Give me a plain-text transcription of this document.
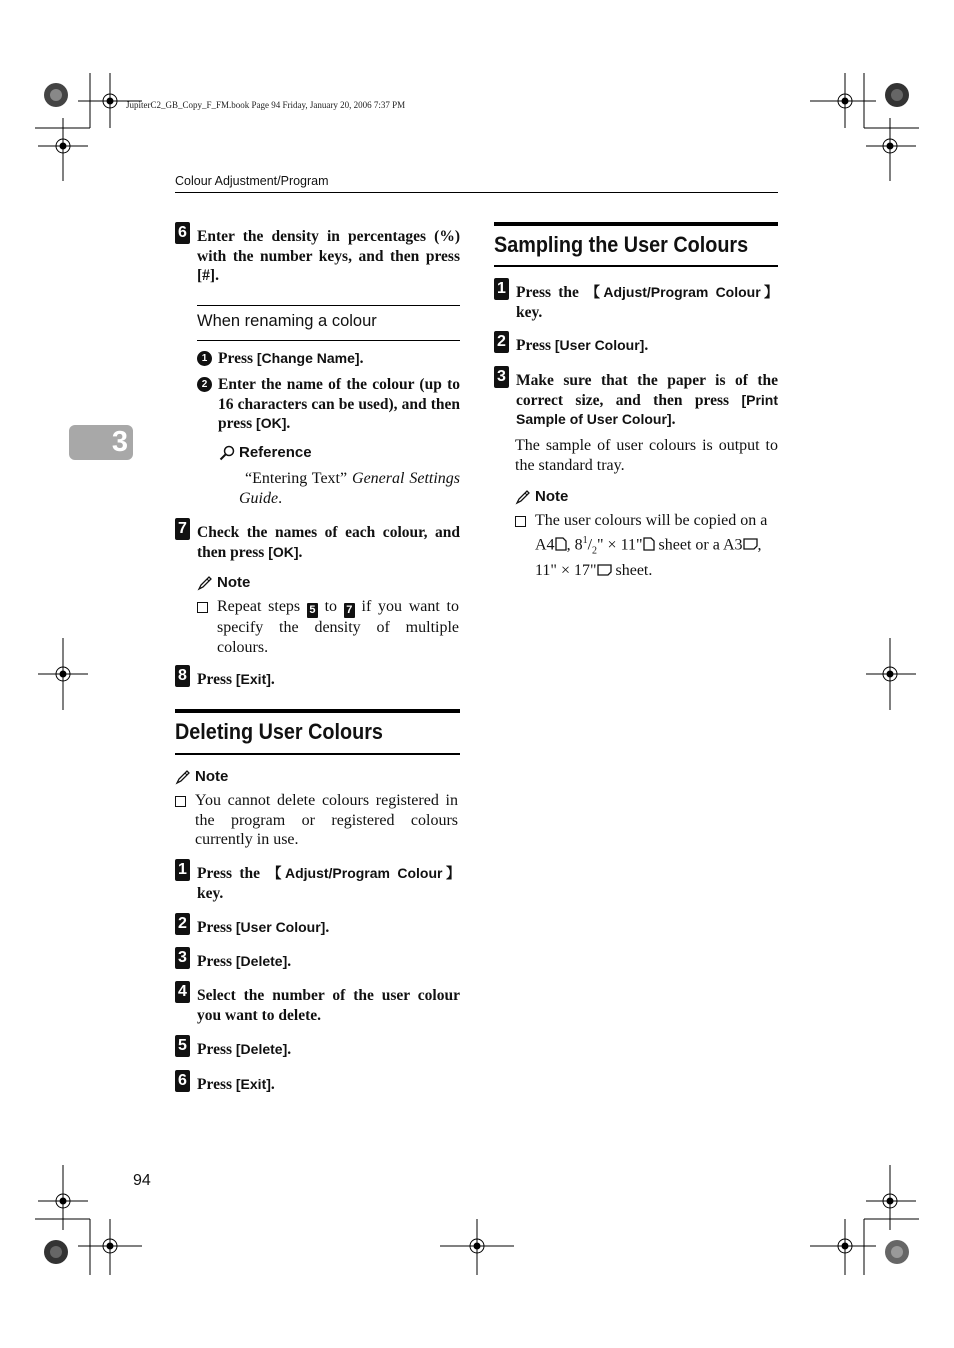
JupiterC2_GB_Copy_F_FM.book Page 94 Friday, January 20, 2006 7:37 PM
Colour Adjustment/Program
3
94
6 Enter the density in percentages (%) with the number keys, and then press [#].
When renaming a colour
1 Press [Change Name].
2 Enter the name of the colour (up to 16 characters can be used), and then press [OK].
Reference
“Entering Text” General Settings Guide.
7 Check the names of each colour, and then press [OK].
Note
Repeat steps 5 to 7 if you want to specify the density of multiple colours.
8 Press [Exit].
Deleting User Colours
Note
You cannot delete colours registered in the program or registered colours currently in use.
1 Press the 【Adjust/Program Colour】 key.
2 Press [User Colour].
3 Press [Delete].
4 Select the number of the user colour you want to delete.
5 Press [Delete].
6 Press [Exit].
Sampling the User Colours
1 Press the 【Adjust/Program Colour】 key.
2 Press [User Colour].
3 Make sure that the paper is of the correct size, and then press [Print Sample of User Colour].
The sample of user colours is output to the standard tray.
Note
The user colours will be copied on a A4 , $8^1/_2$" × 11" sheet or a A3 , 11" × 17" sheet.
